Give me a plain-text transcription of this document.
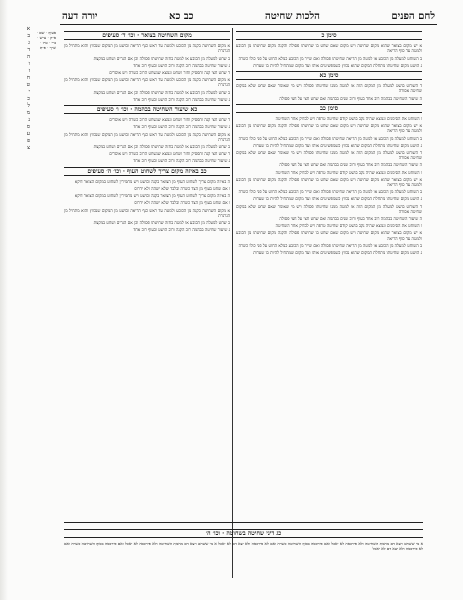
א
ב
ג
ד
ה
ו
ז
ח
ט
י
כ
ל
מ
נ
ס
ע
פ
צ
סעיף · שם · ס״ק · ע״ש · ב״י · ט״ז · ש״ך · פ״ת
לחם הפנים
הלכות שחיטה
כב כא
יורה דעה
סימן כ

א יש מקום בצואר שהוא מקום שחיטה ויש מקום שאם שחט בו שחיטתו פסולה והקנה מקום שחיטתו מן הכובע ולמטה עד סוף הריאה

ב השוחט למעלה מן הכובע או למטה מן הריאה שחיטתו פסולה ואם שייר מן הכובע כמלא החוט על פני כולו כשרה

ג הושט מקום שחיטתו מתחלת המקום שהוא נכווץ כשמפשיטים אותו ועד מקום שמתחיל להיות בו שערות

סימן כא

ד השוחט בושט למעלה מן המקום הזה או למטה ממנו שחיטתו פסולה ויש מי שאומר שאם שחט שלא במקום שחיטה אסורה

ה שיעור השחיטה בבהמה רוב אחד בעוף ורוב שנים בבהמה ואם שחט חצי על חצי פסולה

סימן כב

ו השוחט את הסימנים ונמצא שהיה נקב בושט קודם שחיטה טרפה ויש לבדוק אחר השחיטה

א יש מקום בצואר שהוא מקום שחיטה ויש מקום שאם שחט בו שחיטתו פסולה והקנה מקום שחיטתו מן הכובע ולמטה עד סוף הריאה

ב השוחט למעלה מן הכובע או למטה מן הריאה שחיטתו פסולה ואם שייר מן הכובע כמלא החוט על פני כולו כשרה

ג הושט מקום שחיטתו מתחלת המקום שהוא נכווץ כשמפשיטים אותו ועד מקום שמתחיל להיות בו שערות

ד השוחט בושט למעלה מן המקום הזה או למטה ממנו שחיטתו פסולה ויש מי שאומר שאם שחט שלא במקום שחיטה אסורה

ה שיעור השחיטה בבהמה רוב אחד בעוף ורוב שנים בבהמה ואם שחט חצי על חצי פסולה

ו השוחט את הסימנים ונמצא שהיה נקב בושט קודם שחיטה טרפה ויש לבדוק אחר השחיטה

א יש מקום בצואר שהוא מקום שחיטה ויש מקום שאם שחט בו שחיטתו פסולה והקנה מקום שחיטתו מן הכובע ולמטה עד סוף הריאה

ב השוחט למעלה מן הכובע או למטה מן הריאה שחיטתו פסולה ואם שייר מן הכובע כמלא החוט על פני כולו כשרה

ג הושט מקום שחיטתו מתחלת המקום שהוא נכווץ כשמפשיטים אותו ועד מקום שמתחיל להיות בו שערות

ד השוחט בושט למעלה מן המקום הזה או למטה ממנו שחיטתו פסולה ויש מי שאומר שאם שחט שלא במקום שחיטה אסורה

ה שיעור השחיטה בבהמה רוב אחד בעוף ורוב שנים בבהמה ואם שחט חצי על חצי פסולה

ו השוחט את הסימנים ונמצא שהיה נקב בושט קודם שחיטה טרפה ויש לבדוק אחר השחיטה

א יש מקום בצואר שהוא מקום שחיטה ויש מקום שאם שחט בו שחיטתו פסולה והקנה מקום שחיטתו מן הכובע ולמטה עד סוף הריאה

ב השוחט למעלה מן הכובע או למטה מן הריאה שחיטתו פסולה ואם שייר מן הכובע כמלא החוט על פני כולו כשרה

ג הושט מקום שחיטתו מתחלת המקום שהוא נכווץ כשמפשיטים אותו ועד מקום שמתחיל להיות בו שערות

מקום השחיטה בצואר · וכו׳ ד׳ סעיפים

א מקום השחיטה בקנה מן הכובע ולמטה עד ראש כנף הריאה ובושט מן המקום שנכווץ והוא מתחיל מן הגרגרת

ב שחט למעלה מן הכובע או למטה בחזה שחיטתו פסולה וכן אם הגרים ושחט במקצת

ג שיעור שחיטה בבהמה רוב הקנה ורוב הושט ובעוף רוב אחד

ד שחט חצי קנה והפסיק וחזר ושחט ונמצא שנשחט הרוב כשרה ויש אוסרים

א מקום השחיטה בקנה מן הכובע ולמטה עד ראש כנף הריאה ובושט מן המקום שנכווץ והוא מתחיל מן הגרגרת

ב שחט למעלה מן הכובע או למטה בחזה שחיטתו פסולה וכן אם הגרים ושחט במקצת

ג שיעור שחיטה בבהמה רוב הקנה ורוב הושט ובעוף רוב אחד

כא שיעור השחיטה בבהמה · וכו׳ ו׳ סעיפים

ד שחט חצי קנה והפסיק וחזר ושחט ונמצא שנשחט הרוב כשרה ויש אוסרים

ג שיעור שחיטה בבהמה רוב הקנה ורוב הושט ובעוף רוב אחד

א מקום השחיטה בקנה מן הכובע ולמטה עד ראש כנף הריאה ובושט מן המקום שנכווץ והוא מתחיל מן הגרגרת

ב שחט למעלה מן הכובע או למטה בחזה שחיטתו פסולה וכן אם הגרים ושחט במקצת

ד שחט חצי קנה והפסיק וחזר ושחט ונמצא שנשחט הרוב כשרה ויש אוסרים

ג שיעור שחיטה בבהמה רוב הקנה ורוב הושט ובעוף רוב אחד

כב באיזה מקום צריך לשחוט העוף · וכו׳ ה׳ סעיפים

ה באיזה מקום צריך לשחוט העוף מן הצואר בקנה ובושט ויש מחמירין לשחוט במקום הצואר דוקא

ו אם שחט בעוף מן הצד כשרה ובלבד שלא ישהה ולא ידרוס

ה באיזה מקום צריך לשחוט העוף מן הצואר בקנה ובושט ויש מחמירין לשחוט במקום הצואר דוקא

ו אם שחט בעוף מן הצד כשרה ובלבד שלא ישהה ולא ידרוס

א מקום השחיטה בקנה מן הכובע ולמטה עד ראש כנף הריאה ובושט מן המקום שנכווץ והוא מתחיל מן הגרגרת

ב שחט למעלה מן הכובע או למטה בחזה שחיטתו פסולה וכן אם הגרים ושחט במקצת

ג שיעור שחיטה בבהמה רוב הקנה ורוב הושט ובעוף רוב אחד

כג דיני שחיטה בשחוטה · וכו׳ ה׳

א מי ששחט ויצא דם מחמת השחיטה ולא פירכסה לא יאכל ואם פירכסה בסוף השחיטה כשרה ואם לא פירכסה ולא יצא דם לא יאכל א מי ששחט ויצא דם מחמת השחיטה ולא פירכסה לא יאכל ואם פירכסה בסוף השחיטה כשרה ואם לא פירכסה ולא יצא דם לא יאכל
